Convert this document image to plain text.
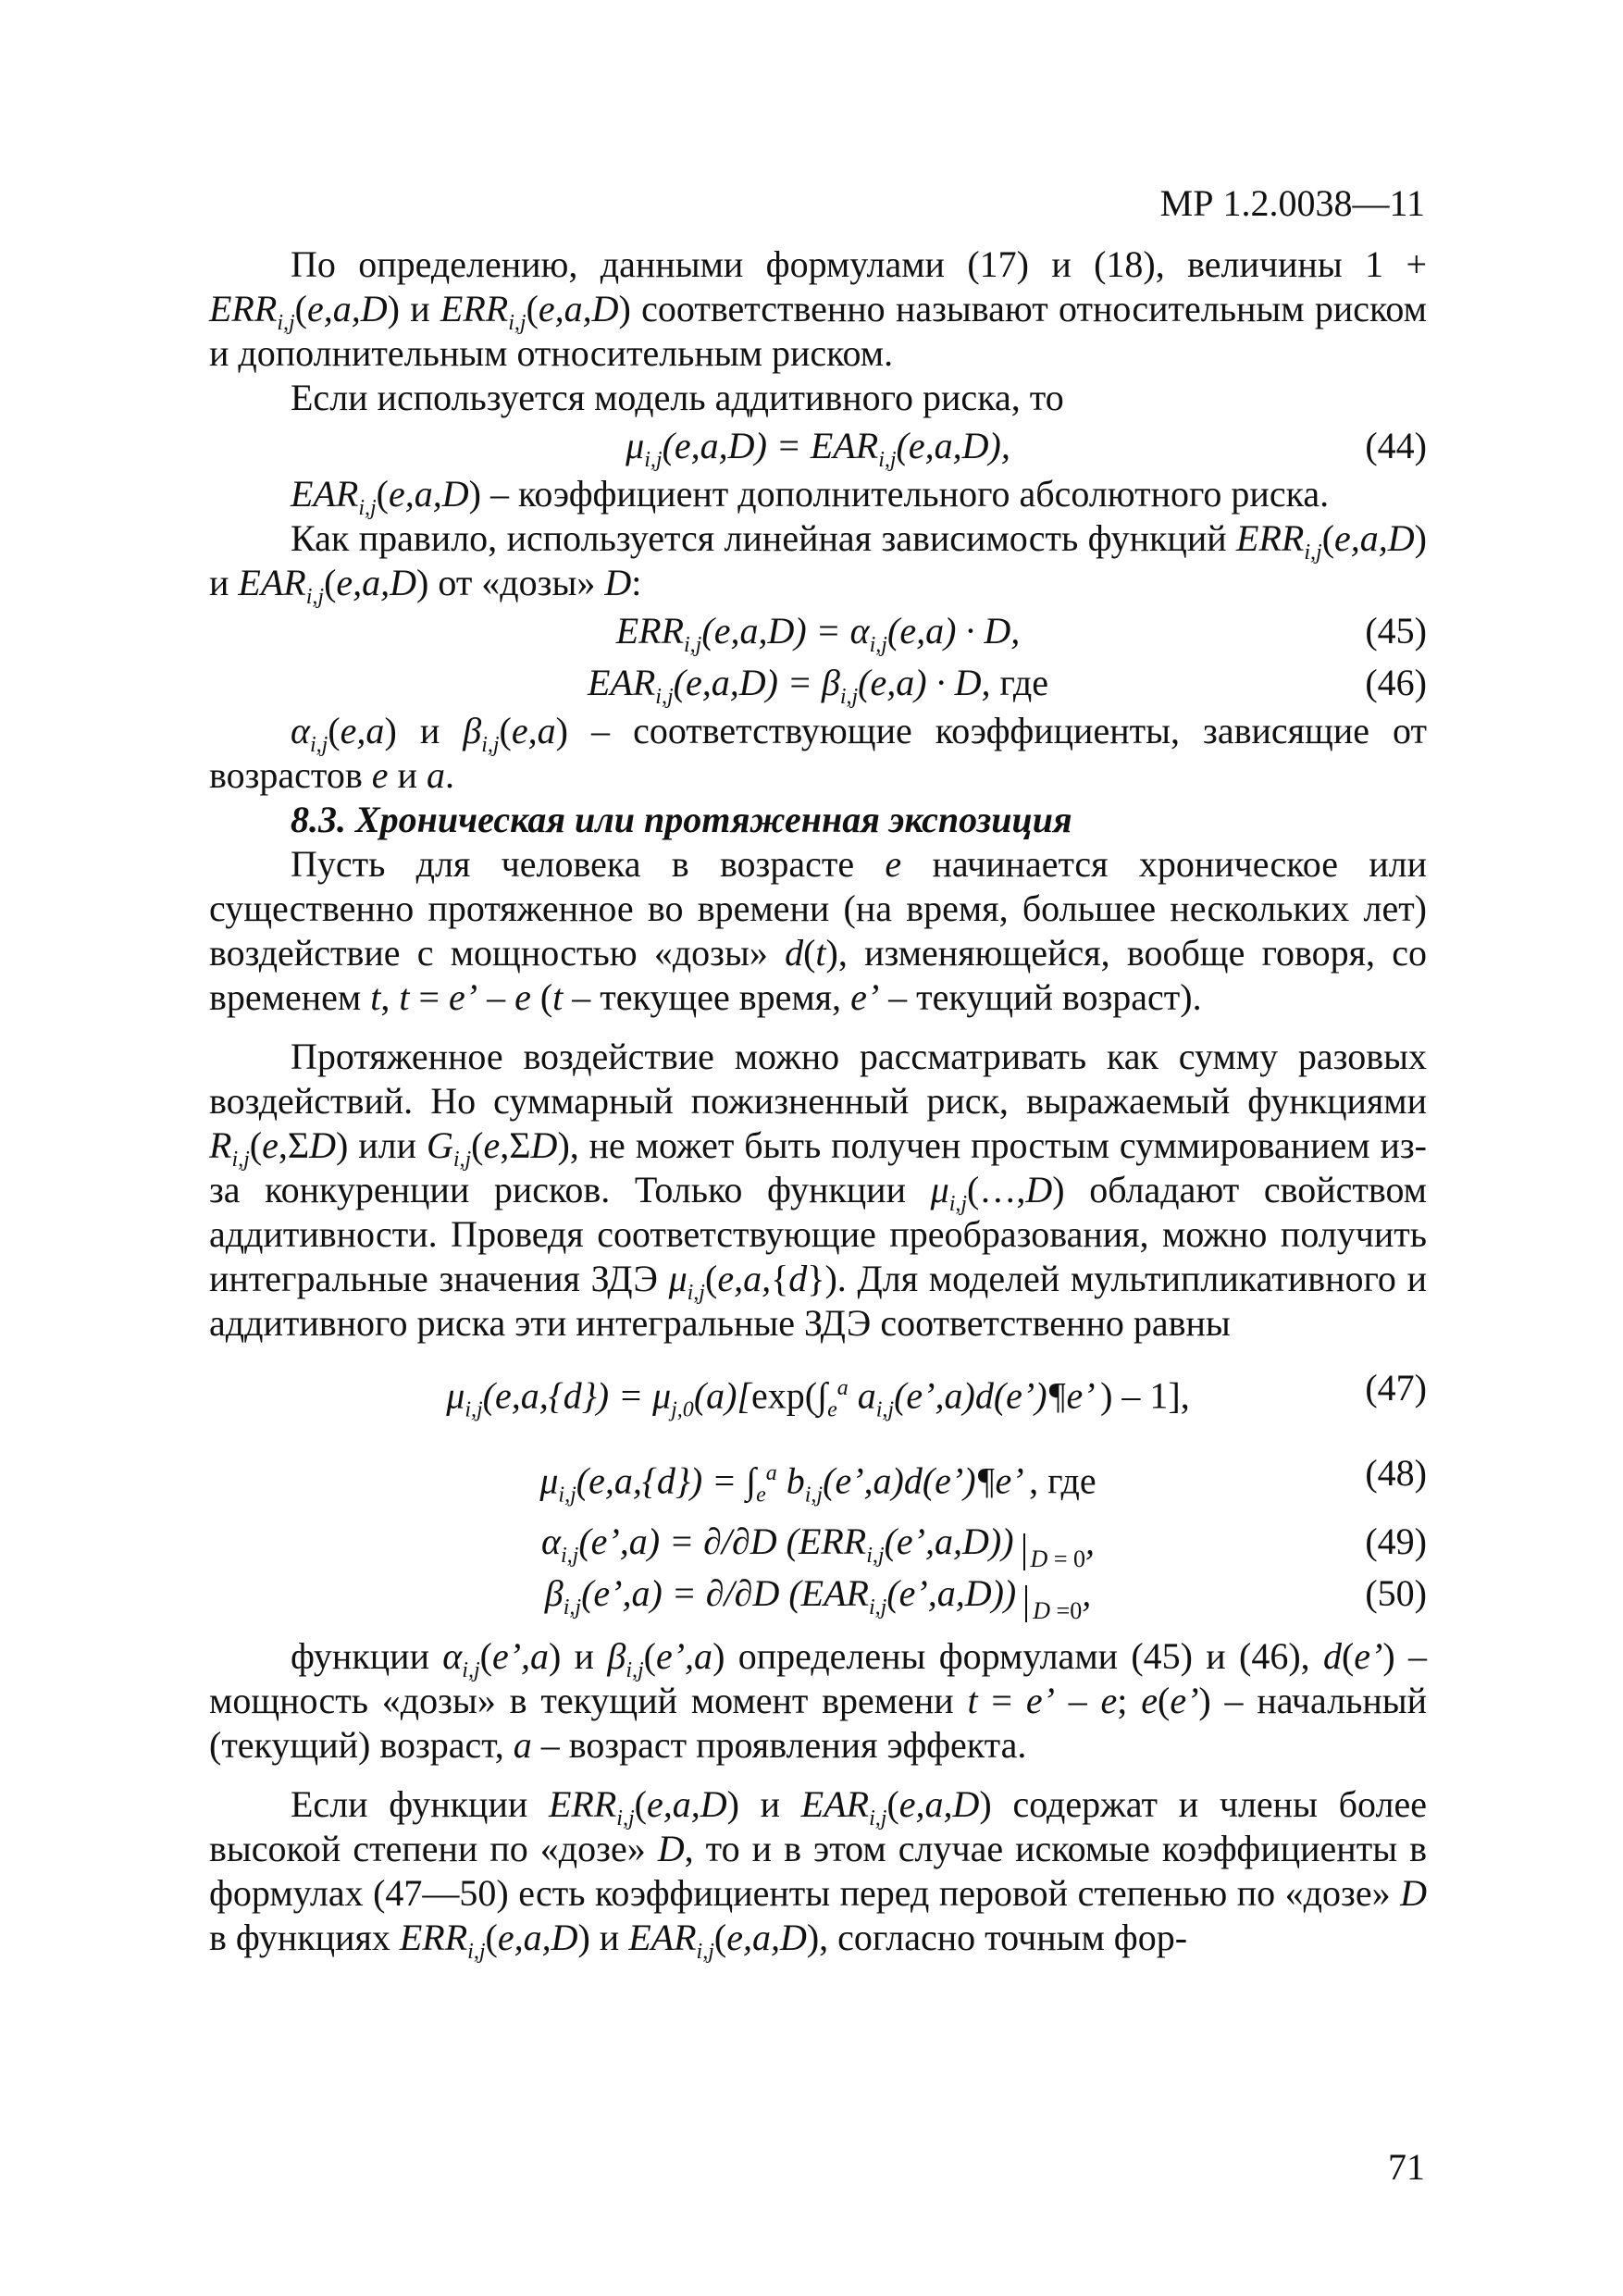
МР 1.2.0038—11

По определению, данными формулами (17) и (18), величины $1 + ERR_{i,j}(e,a,D)$ и $ERR_{i,j}(e,a,D)$ соответственно называют относительным риском и дополнительным относительным риском.

Если используется модель аддитивного риска, то

$\mu_{i,j}(e,a,D) = EAR_{i,j}(e,a,D)$,	(44)

$EAR_{i,j}(e,a,D)$ – коэффициент дополнительного абсолютного риска.

Как правило, используется линейная зависимость функций $ERR_{i,j}(e,a,D)$ и $EAR_{i,j}(e,a,D)$ от «дозы» D:

$ERR_{i,j}(e,a,D) = \alpha_{i,j}(e,a) \cdot D$,	(45)
$EAR_{i,j}(e,a,D) = \beta_{i,j}(e,a) \cdot D$, где	(46)

$\alpha_{i,j}(e,a)$ и $\beta_{i,j}(e,a)$ – соответствующие коэффициенты, зависящие от возрастов e и a.

8.3. Хроническая или протяженная экспозиция

Пусть для человека в возрасте e начинается хроническое или существенно протяженное во времени (на время, большее нескольких лет) воздействие с мощностью «дозы» d(t), изменяющейся, вообще говоря, со временем t, t = e’ – e (t – текущее время, e’ – текущий возраст).

Протяженное воздействие можно рассматривать как сумму разовых воздействий. Но суммарный пожизненный риск, выражаемый функциями $R_{i,j}(e,\Sigma D)$ или $G_{i,j}(e,\Sigma D)$, не может быть получен простым суммированием из-за конкуренции рисков. Только функции $\mu_{i,j}(\dots,D)$ обладают свойством аддитивности. Проведя соответствующие преобразования, можно получить интегральные значения ЗДЭ $\mu_{i,j}(e,a,\{d\})$. Для моделей мультипликативного и аддитивного риска эти интегральные ЗДЭ соответственно равны

$\mu_{i,j}(e,a,\{d\}) = \mu_{j,0}(a)[\exp(\int_e^a$ $a_{i,j}(e’,a)d(e’)\P e$’ ) – 1],	(47)
$\mu_{i,j}(e,a,\{d\}) = \int_e^a$ $b_{i,j}(e’,a)d(e’)\P e$’ , где	(48)
$\alpha_{i,j}(e’,a) = \partial/\partial D$ $(ERR_{i,j}(e’,a,D)) D = 0$,	(49)
$\beta_{i,j}(e’,a) = \partial/\partial D$ $(EAR_{i,j}(e’,a,D))$ D =0,	(50)

функции $\alpha_{i,j}(e’,a)$ и $\beta_{i,j}(e’,a)$ определены формулами (45) и (46), d(e’) – мощность «дозы» в текущий момент времени t = e’ – e; e(e’) – начальный (текущий) возраст, a – возраст проявления эффекта.

Если функции $ERR_{i,j}(e,a,D)$ и $EAR_{i,j}(e,a,D)$ содержат и члены более высокой степени по «дозе» D, то и в этом случае искомые коэффициенты в формулах (47—50) есть коэффициенты перед перовой степенью по «дозе» D в функциях $ERR_{i,j}(e,a,D)$ и $EAR_{i,j}(e,a,D)$, согласно точным фор-

71
